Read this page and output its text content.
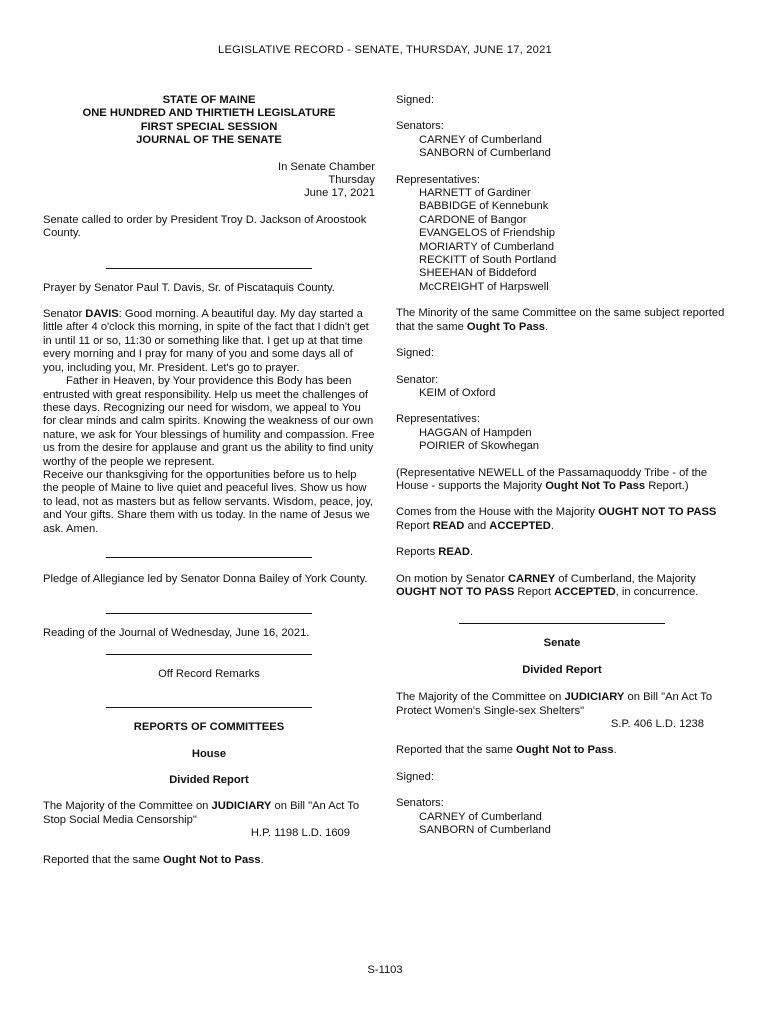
LEGISLATIVE RECORD - SENATE, THURSDAY, JUNE 17, 2021

STATE OF MAINE

ONE HUNDRED AND THIRTIETH LEGISLATURE

FIRST SPECIAL SESSION

JOURNAL OF THE SENATE

In Senate Chamber

Thursday

June 17, 2021

Senate called to order by President Troy D. Jackson of Aroostook County.

Prayer by Senator Paul T. Davis, Sr. of Piscataquis County.

Senator DAVIS: Good morning. A beautiful day. My day started a little after 4 o'clock this morning, in spite of the fact that I didn't get in until 11 or so, 11:30 or something like that. I get up at that time every morning and I pray for many of you and some days all of you, including you, Mr. President. Let's go to prayer.

Father in Heaven, by Your providence this Body has been entrusted with great responsibility. Help us meet the challenges of these days. Recognizing our need for wisdom, we appeal to You for clear minds and calm spirits. Knowing the weakness of our own nature, we ask for Your blessings of humility and compassion. Free us from the desire for applause and grant us the ability to find unity worthy of the people we represent.

Receive our thanksgiving for the opportunities before us to help the people of Maine to live quiet and peaceful lives. Show us how to lead, not as masters but as fellow servants. Wisdom, peace, joy, and Your gifts. Share them with us today. In the name of Jesus we ask. Amen.

Pledge of Allegiance led by Senator Donna Bailey of York County.

Reading of the Journal of Wednesday, June 16, 2021.

Off Record Remarks

REPORTS OF COMMITTEES

House

Divided Report

The Majority of the Committee on JUDICIARY on Bill "An Act To Stop Social Media Censorship"

H.P. 1198 L.D. 1609

Reported that the same Ought Not to Pass.

Signed:

Senators:

CARNEY of Cumberland

SANBORN of Cumberland

Representatives:

HARNETT of Gardiner

BABBIDGE of Kennebunk

CARDONE of Bangor

EVANGELOS of Friendship

MORIARTY of Cumberland

RECKITT of South Portland

SHEEHAN of Biddeford

McCREIGHT of Harpswell

The Minority of the same Committee on the same subject reported that the same Ought To Pass.

Signed:

Senator:

KEIM of Oxford

Representatives:

HAGGAN of Hampden

POIRIER of Skowhegan

(Representative NEWELL of the Passamaquoddy Tribe - of the House - supports the Majority Ought Not To Pass Report.)

Comes from the House with the Majority OUGHT NOT TO PASS Report READ and ACCEPTED.

Reports READ.

On motion by Senator CARNEY of Cumberland, the Majority OUGHT NOT TO PASS Report ACCEPTED, in concurrence.

Senate

Divided Report

The Majority of the Committee on JUDICIARY on Bill "An Act To Protect Women's Single-sex Shelters"

S.P. 406 L.D. 1238

Reported that the same Ought Not to Pass.

Signed:

Senators:

CARNEY of Cumberland

SANBORN of Cumberland

S-1103
